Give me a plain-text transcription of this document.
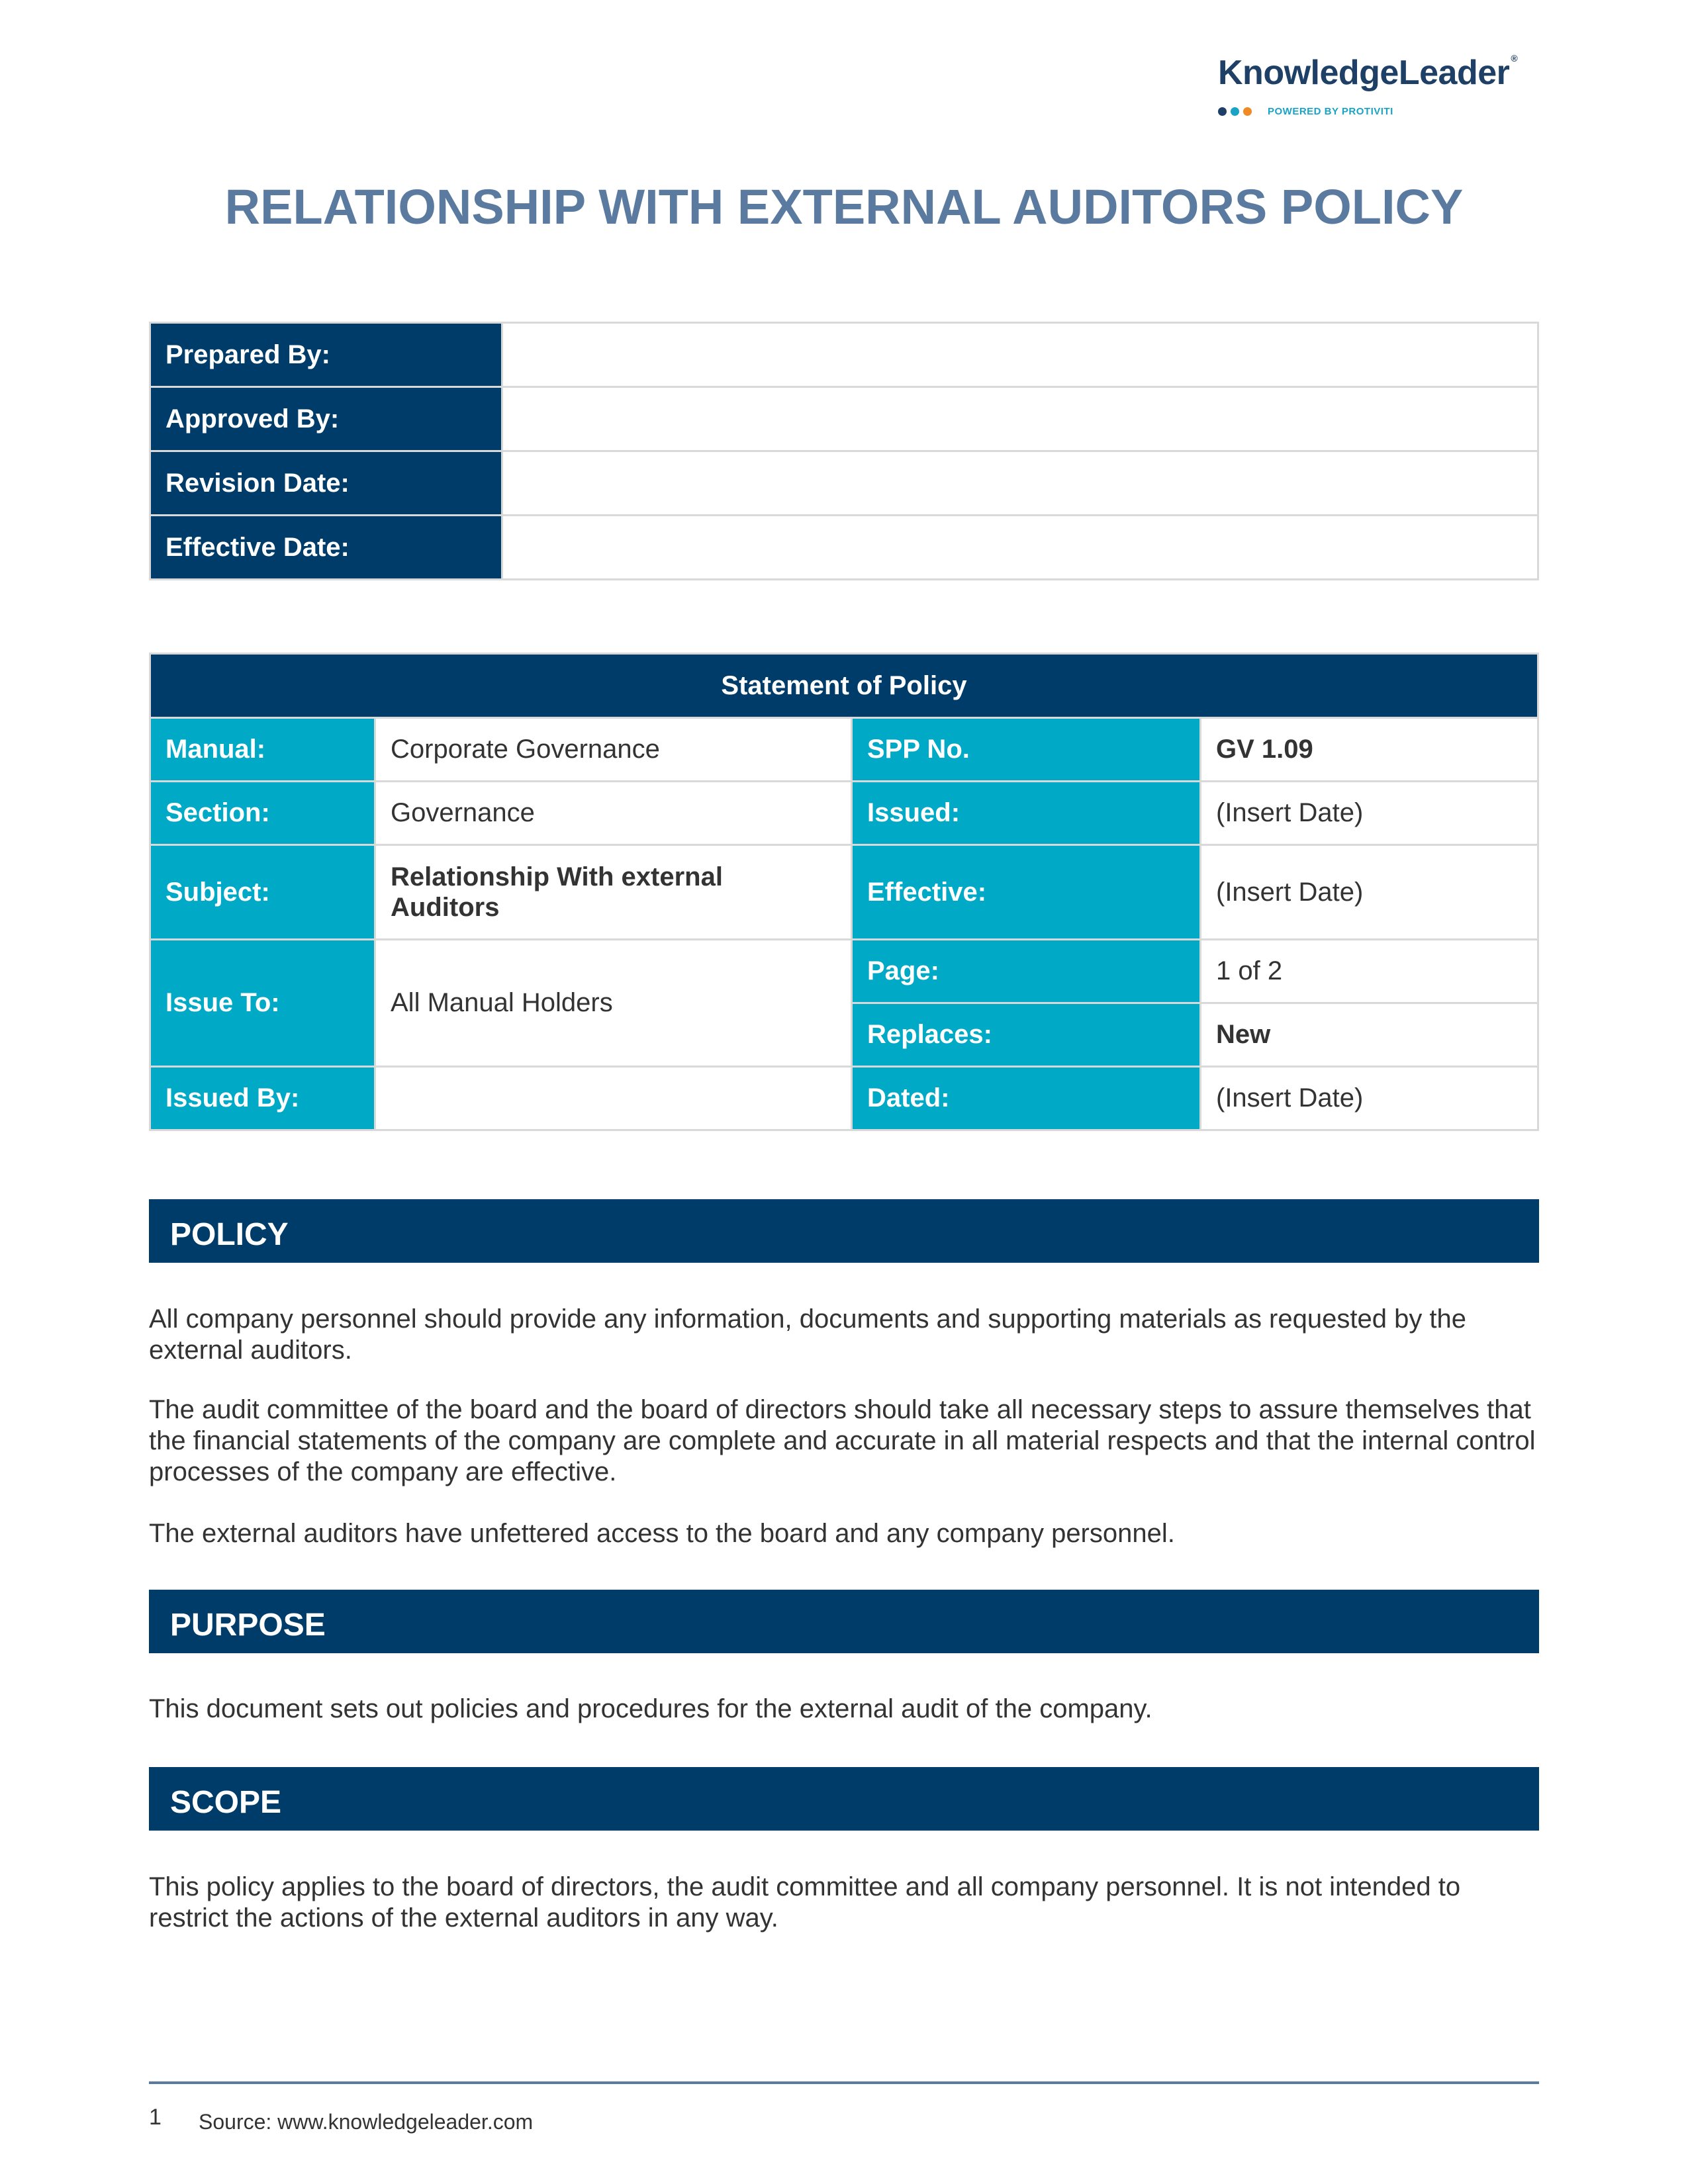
KnowledgeLeader ®
POWERED BY PROTIVITI
RELATIONSHIP WITH EXTERNAL AUDITORS POLICY
Prepared By:	
Approved By:	
Revision Date:	
Effective Date:	
Statement of Policy			
Manual:	Corporate Governance	SPP No.	GV 1.09
Section:	Governance	Issued:	(Insert Date)
Subject:	Relationship With external Auditors	Effective:	(Insert Date)
Issue To:	All Manual Holders	Page:	1 of 2
		Replaces:	New
Issued By:		Dated:	(Insert Date)
POLICY
All company personnel should provide any information, documents and supporting materials as requested by the external auditors.
The audit committee of the board and the board of directors should take all necessary steps to assure themselves that the financial statements of the company are complete and accurate in all material respects and that the internal control processes of the company are effective.
The external auditors have unfettered access to the board and any company personnel.
PURPOSE
This document sets out policies and procedures for the external audit of the company.
SCOPE
This policy applies to the board of directors, the audit committee and all company personnel. It is not intended to restrict the actions of the external auditors in any way.
1 Source: www.knowledgeleader.com
